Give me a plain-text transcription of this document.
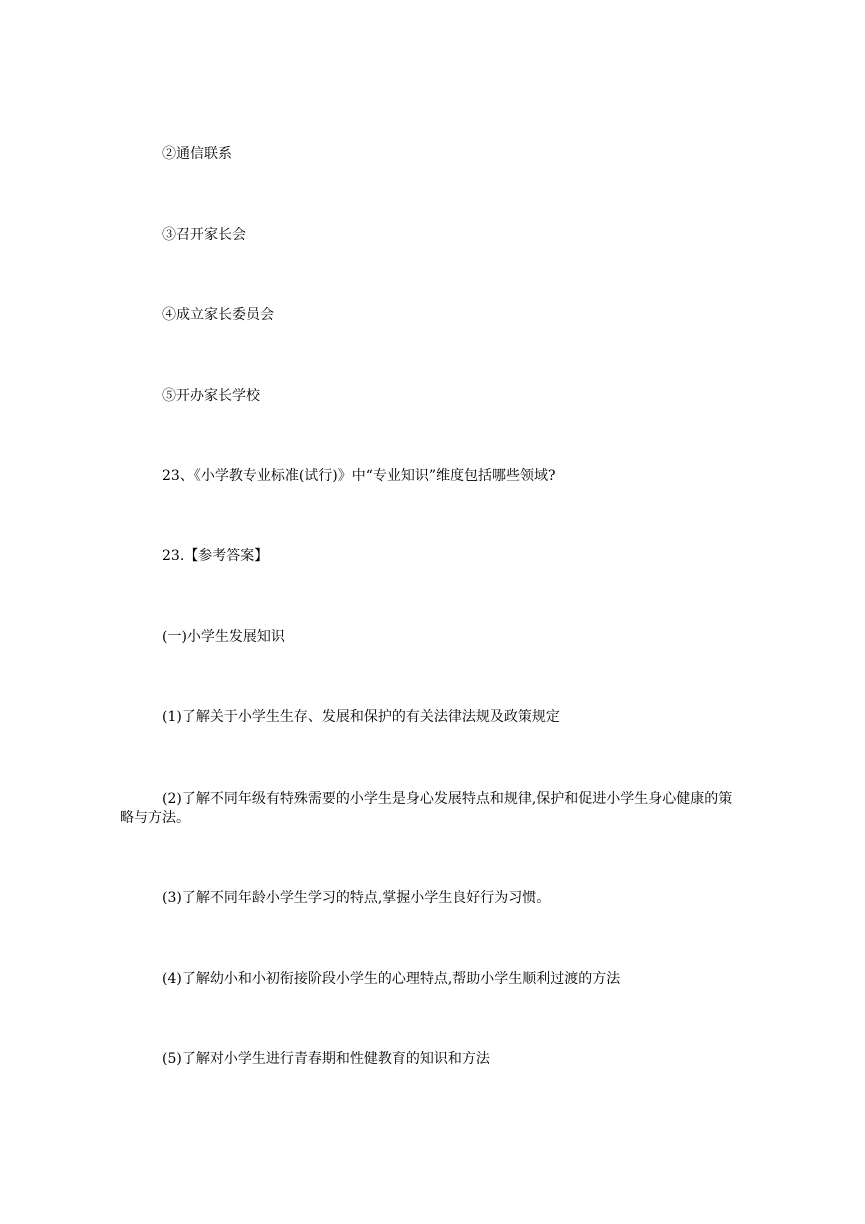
②通信联系

③召开家长会

④成立家长委员会

⑤开办家长学校

23、《小学教专业标准(试行)》中“专业知识”维度包括哪些领域?

23.【参考答案】

(一)小学生发展知识

(1)了解关于小学生生存、发展和保护的有关法律法规及政策规定

(2)了解不同年级有特殊需要的小学生是身心发展特点和规律,保护和促进小学生身心健康的策略与方法。

(3)了解不同年龄小学生学习的特点,掌握小学生良好行为习惯。

(4)了解幼小和小初衔接阶段小学生的心理特点,帮助小学生顺利过渡的方法

(5)了解对小学生进行青春期和性健教育的知识和方法
